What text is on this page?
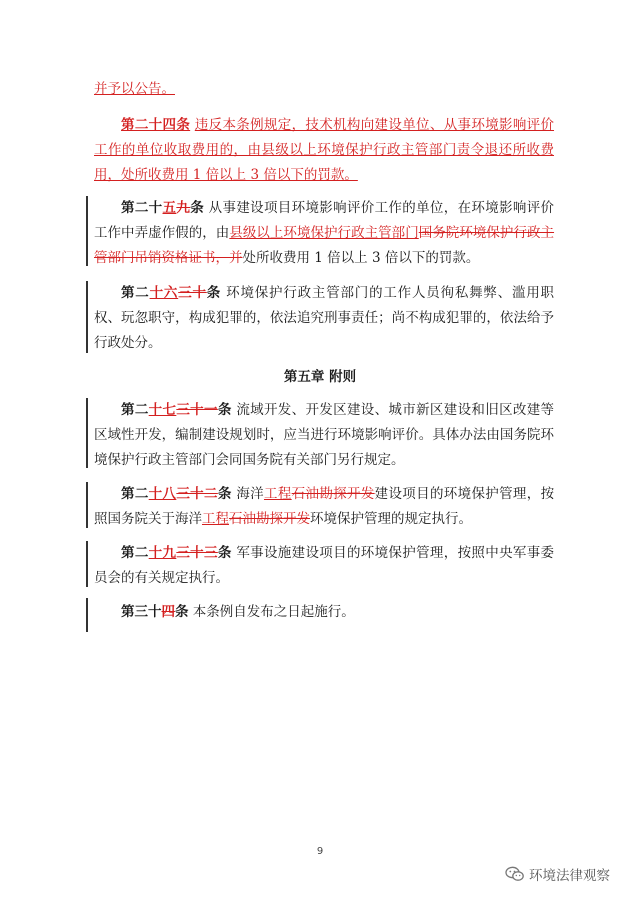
并予以公告。
第二十四条 违反本条例规定，技术机构向建设单位、从事环境影响评价工作的单位收取费用的，由县级以上环境保护行政主管部门责令退还所收费用，处所收费用 1 倍以上 3 倍以下的罚款。
第二十五九条 从事建设项目环境影响评价工作的单位，在环境影响评价工作中弄虚作假的，由县级以上环境保护行政主管部门国务院环境保护行政主管部门吊销资格证书，并处所收费用 1 倍以上 3 倍以下的罚款。
第二十六三十条 环境保护行政主管部门的工作人员徇私舞弊、滥用职权、玩忽职守，构成犯罪的，依法追究刑事责任；尚不构成犯罪的，依法给予行政处分。
第五章 附则
第二十七三十一条 流域开发、开发区建设、城市新区建设和旧区改建等区域性开发，编制建设规划时，应当进行环境影响评价。具体办法由国务院环境保护行政主管部门会同国务院有关部门另行规定。
第二十八三十二条 海洋工程石油勘探开发建设项目的环境保护管理，按照国务院关于海洋工程石油勘探开发环境保护管理的规定执行。
第二十九三十三条 军事设施建设项目的环境保护管理，按照中央军事委员会的有关规定执行。
第三十四条 本条例自发布之日起施行。
9
环境法律观察
